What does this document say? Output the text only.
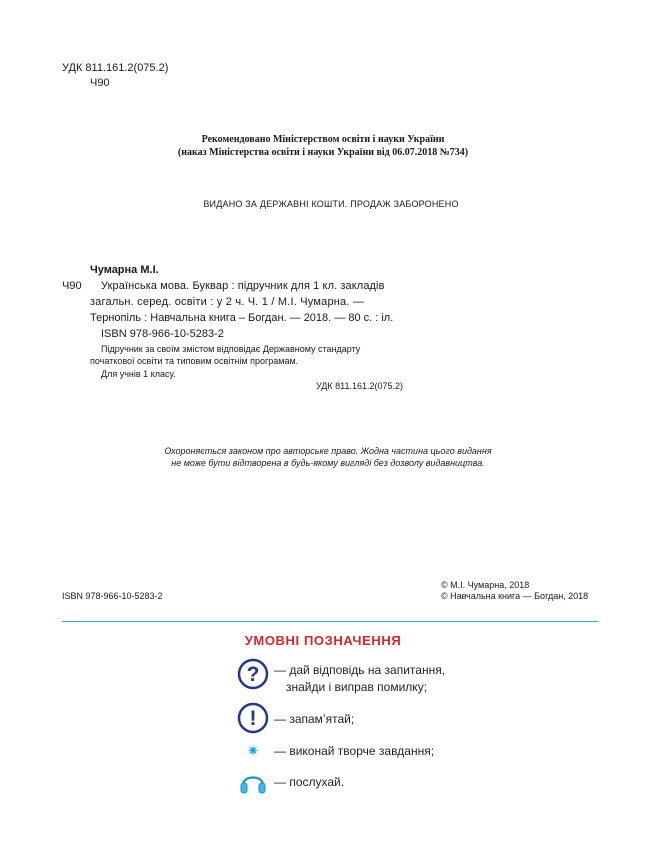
УДК 811.161.2(075.2)
Ч90
Рекомендовано Міністерством освіти і науки України
(наказ Міністерства освіти і науки України від 06.07.2018 №734)
ВИДАНО ЗА ДЕРЖАВНІ КОШТИ. ПРОДАЖ ЗАБОРОНЕНО
Чумарна М.І.
Ч90 Українська мова. Буквар : підручник для 1 кл. закладів
загальн. серед. освіти : у 2 ч. Ч. 1 / М.І. Чумарна. —
Тернопіль : Навчальна книга – Богдан. — 2018. — 80 с. : іл.
ISBN 978-966-10-5283-2
Підручник за своїм змістом відповідає Державному стандарту
початкової освіти та типовим освітнім програмам.
Для учнів 1 класу.
УДК 811.161.2(075.2)
Охороняється законом про авторське право. Жодна частина цього видання
не може бути відтворена в будь-якому вигляді без дозволу видавництва.
ISBN 978-966-10-5283-2
© М.І. Чумарна, 2018
© Навчальна книга — Богдан, 2018
УМОВНІ ПОЗНАЧЕННЯ
? — дай відповідь на запитання,
знайди і виправ помилку;
! — запам’ятай;
✷ — виконай творче завдання;
— послухай.
